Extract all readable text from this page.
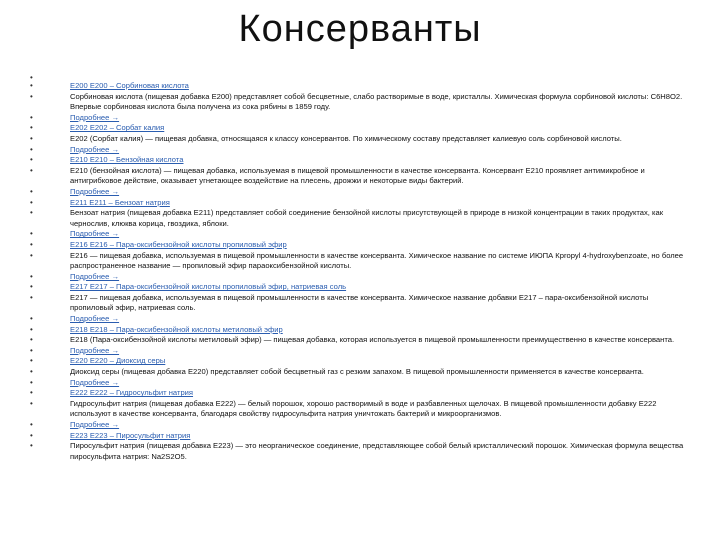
Консерванты
•
•	E200 E200 – Сорбиновая кислота
•	Сорбиновая кислота (пищевая добавка E200) представляет собой бесцветные, слабо растворимые в воде, кристаллы. Химическая формула сорбиновой кислоты: C6H8O2. Впервые сорбиновая кислота была получена из сока рябины в 1859 году.
•	Подробнее →
•	E202 E202 – Сорбат калия
•	E202 (Сорбат калия) — пищевая добавка, относящаяся к классу консервантов. По химическому составу представляет калиевую соль сорбиновой кислоты.
•	Подробнее →
•	E210 E210 – Бензойная кислота
•	E210 (бензойная кислота) — пищевая добавка, используемая в пищевой промышленности в качестве консерванта. Консервант E210 проявляет антимикробное и антигрибковое действие, оказывает угнетающее воздействие на плесень, дрожжи и некоторые виды бактерий.
•	Подробнее →
•	E211 E211 – Бензоат натрия
•	Бензоат натрия (пищевая добавка E211) представляет собой соединение бензойной кислоты присутствующей в природе в низкой концентрации в таких продуктах, как чернослив, клюква корица, гвоздика, яблоки.
•	Подробнее →
•	E216 E216 – Пара-оксибензойной кислоты пропиловый эфир
•	E216 — пищевая добавка, используемая в пищевой промышленности в качестве консерванта. Химическое название по системе ИЮПА Кpropyl 4-hydroxybenzoate, но более распространенное название — пропиловый эфир параоксибензойной кислоты.
•	Подробнее →
•	E217 E217 – Пара-оксибензойной кислоты пропиловый эфир, натриевая соль
•	E217 — пищевая добавка, используемая в пищевой промышленности в качестве консерванта. Химическое название добавки E217 – пара-оксибензойной кислоты пропиловый эфир, натриевая соль.
•	Подробнее →
•	E218 E218 – Пара-оксибензойной кислоты метиловый эфир
•	E218 (Пара-оксибензойной кислоты метиловый эфир) — пищевая добавка, которая используется в пищевой промышленности преимущественно в качестве консерванта.
•	Подробнее →
•	E220 E220 – Диоксид серы
•	Диоксид серы (пищевая добавка E220) представляет собой бесцветный газ с резким запахом. В пищевой промышленности применяется в качестве консерванта.
•	Подробнее →
•	E222 E222 – Гидросульфит натрия
•	Гидросульфит натрия (пищевая добавка E222) — белый порошок, хорошо растворимый в воде и разбавленных щелочах. В пищевой промышленности добавку E222 используют в качестве консерванта, благодаря свойству гидросульфита натрия уничтожать бактерий и микроорганизмов.
•	Подробнее →
•	E223 E223 – Пиросульфит натрия
•	Пиросульфит натрия (пищевая добавка E223) — это неорганическое соединение, представляющее собой белый кристаллический порошок. Химическая формула вещества пиросульфита натрия: Na2S2O5.
